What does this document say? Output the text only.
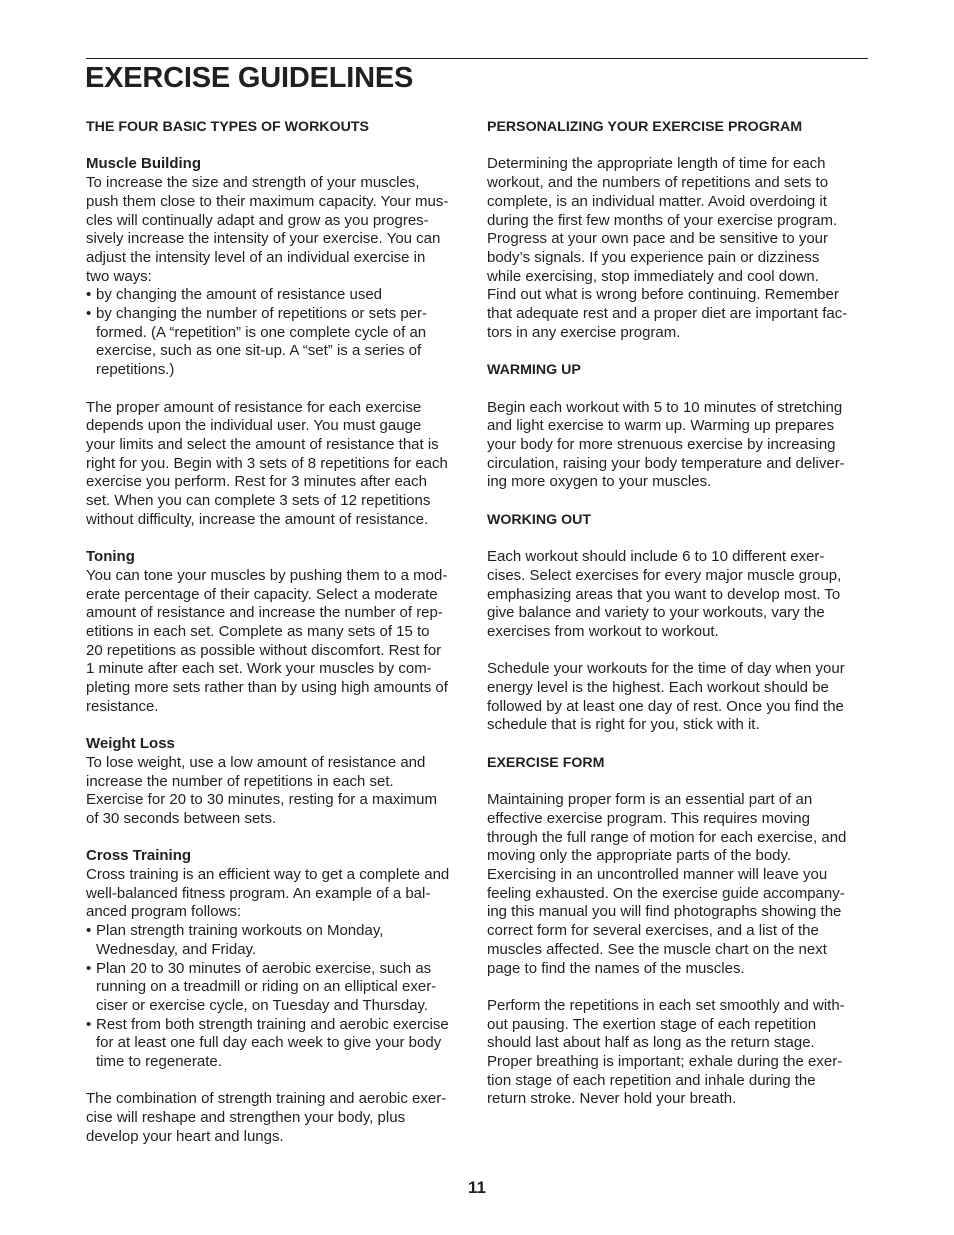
EXERCISE GUIDELINES

THE FOUR BASIC TYPES OF WORKOUTS

Muscle Building

To increase the size and strength of your muscles,

push them close to their maximum capacity. Your mus-

cles will continually adapt and grow as you progres-

sively increase the intensity of your exercise. You can

adjust the intensity level of an individual exercise in

two ways:

• by changing the amount of resistance used

• by changing the number of repetitions or sets per-

formed. (A “repetition” is one complete cycle of an

exercise, such as one sit-up. A “set” is a series of

repetitions.)

The proper amount of resistance for each exercise

depends upon the individual user. You must gauge

your limits and select the amount of resistance that is

right for you. Begin with 3 sets of 8 repetitions for each

exercise you perform. Rest for 3 minutes after each

set. When you can complete 3 sets of 12 repetitions

without difficulty, increase the amount of resistance.

Toning

You can tone your muscles by pushing them to a mod-

erate percentage of their capacity. Select a moderate

amount of resistance and increase the number of rep-

etitions in each set. Complete as many sets of 15 to

20 repetitions as possible without discomfort. Rest for

1 minute after each set. Work your muscles by com-

pleting more sets rather than by using high amounts of

resistance.

Weight Loss

To lose weight, use a low amount of resistance and

increase the number of repetitions in each set.

Exercise for 20 to 30 minutes, resting for a maximum

of 30 seconds between sets.

Cross Training

Cross training is an efficient way to get a complete and

well-balanced fitness program. An example of a bal-

anced program follows:

• Plan strength training workouts on Monday,

Wednesday, and Friday.

• Plan 20 to 30 minutes of aerobic exercise, such as

running on a treadmill or riding on an elliptical exer-

ciser or exercise cycle, on Tuesday and Thursday.

• Rest from both strength training and aerobic exercise

for at least one full day each week to give your body

time to regenerate.

The combination of strength training and aerobic exer-

cise will reshape and strengthen your body, plus

develop your heart and lungs.

PERSONALIZING YOUR EXERCISE PROGRAM

Determining the appropriate length of time for each

workout, and the numbers of repetitions and sets to

complete, is an individual matter. Avoid overdoing it

during the first few months of your exercise program.

Progress at your own pace and be sensitive to your

body’s signals. If you experience pain or dizziness

while exercising, stop immediately and cool down.

Find out what is wrong before continuing. Remember

that adequate rest and a proper diet are important fac-

tors in any exercise program.

WARMING UP

Begin each workout with 5 to 10 minutes of stretching

and light exercise to warm up. Warming up prepares

your body for more strenuous exercise by increasing

circulation, raising your body temperature and deliver-

ing more oxygen to your muscles.

WORKING OUT

Each workout should include 6 to 10 different exer-

cises. Select exercises for every major muscle group,

emphasizing areas that you want to develop most. To

give balance and variety to your workouts, vary the

exercises from workout to workout.

Schedule your workouts for the time of day when your

energy level is the highest. Each workout should be

followed by at least one day of rest. Once you find the

schedule that is right for you, stick with it.

EXERCISE FORM

Maintaining proper form is an essential part of an

effective exercise program. This requires moving

through the full range of motion for each exercise, and

moving only the appropriate parts of the body.

Exercising in an uncontrolled manner will leave you

feeling exhausted. On the exercise guide accompany-

ing this manual you will find photographs showing the

correct form for several exercises, and a list of the

muscles affected. See the muscle chart on the next

page to find the names of the muscles.

Perform the repetitions in each set smoothly and with-

out pausing. The exertion stage of each repetition

should last about half as long as the return stage.

Proper breathing is important; exhale during the exer-

tion stage of each repetition and inhale during the

return stroke. Never hold your breath.

11
